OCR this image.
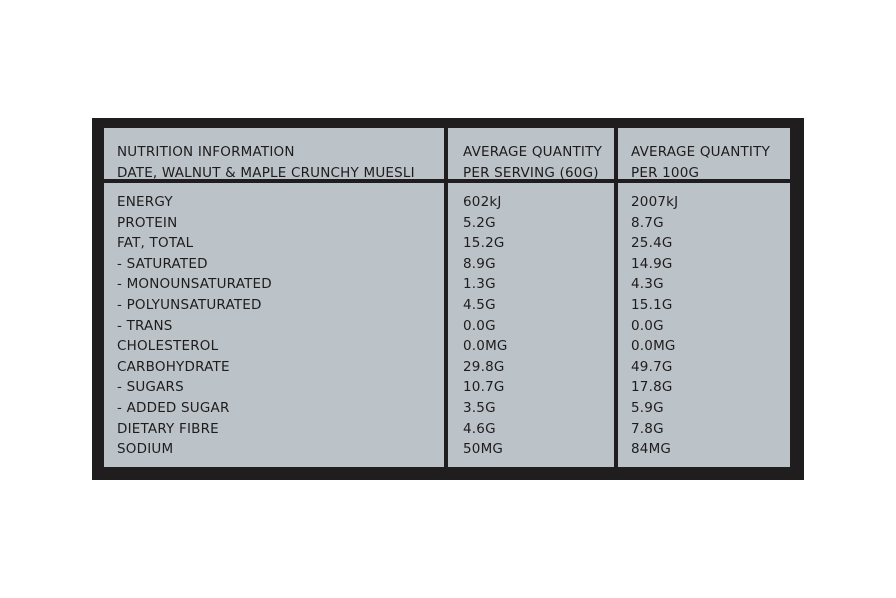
NUTRITION INFORMATION
DATE, WALNUT & MAPLE CRUNCHY MUESLI
AVERAGE QUANTITY
PER SERVING (60G)
AVERAGE QUANTITY
PER 100G
ENERGY
PROTEIN
FAT, TOTAL
- SATURATED
- MONOUNSATURATED
- POLYUNSATURATED
- TRANS
CHOLESTEROL
CARBOHYDRATE
- SUGARS
- ADDED SUGAR
DIETARY FIBRE
SODIUM
602kJ
5.2G
15.2G
8.9G
1.3G
4.5G
0.0G
0.0MG
29.8G
10.7G
3.5G
4.6G
50MG
2007kJ
8.7G
25.4G
14.9G
4.3G
15.1G
0.0G
0.0MG
49.7G
17.8G
5.9G
7.8G
84MG
